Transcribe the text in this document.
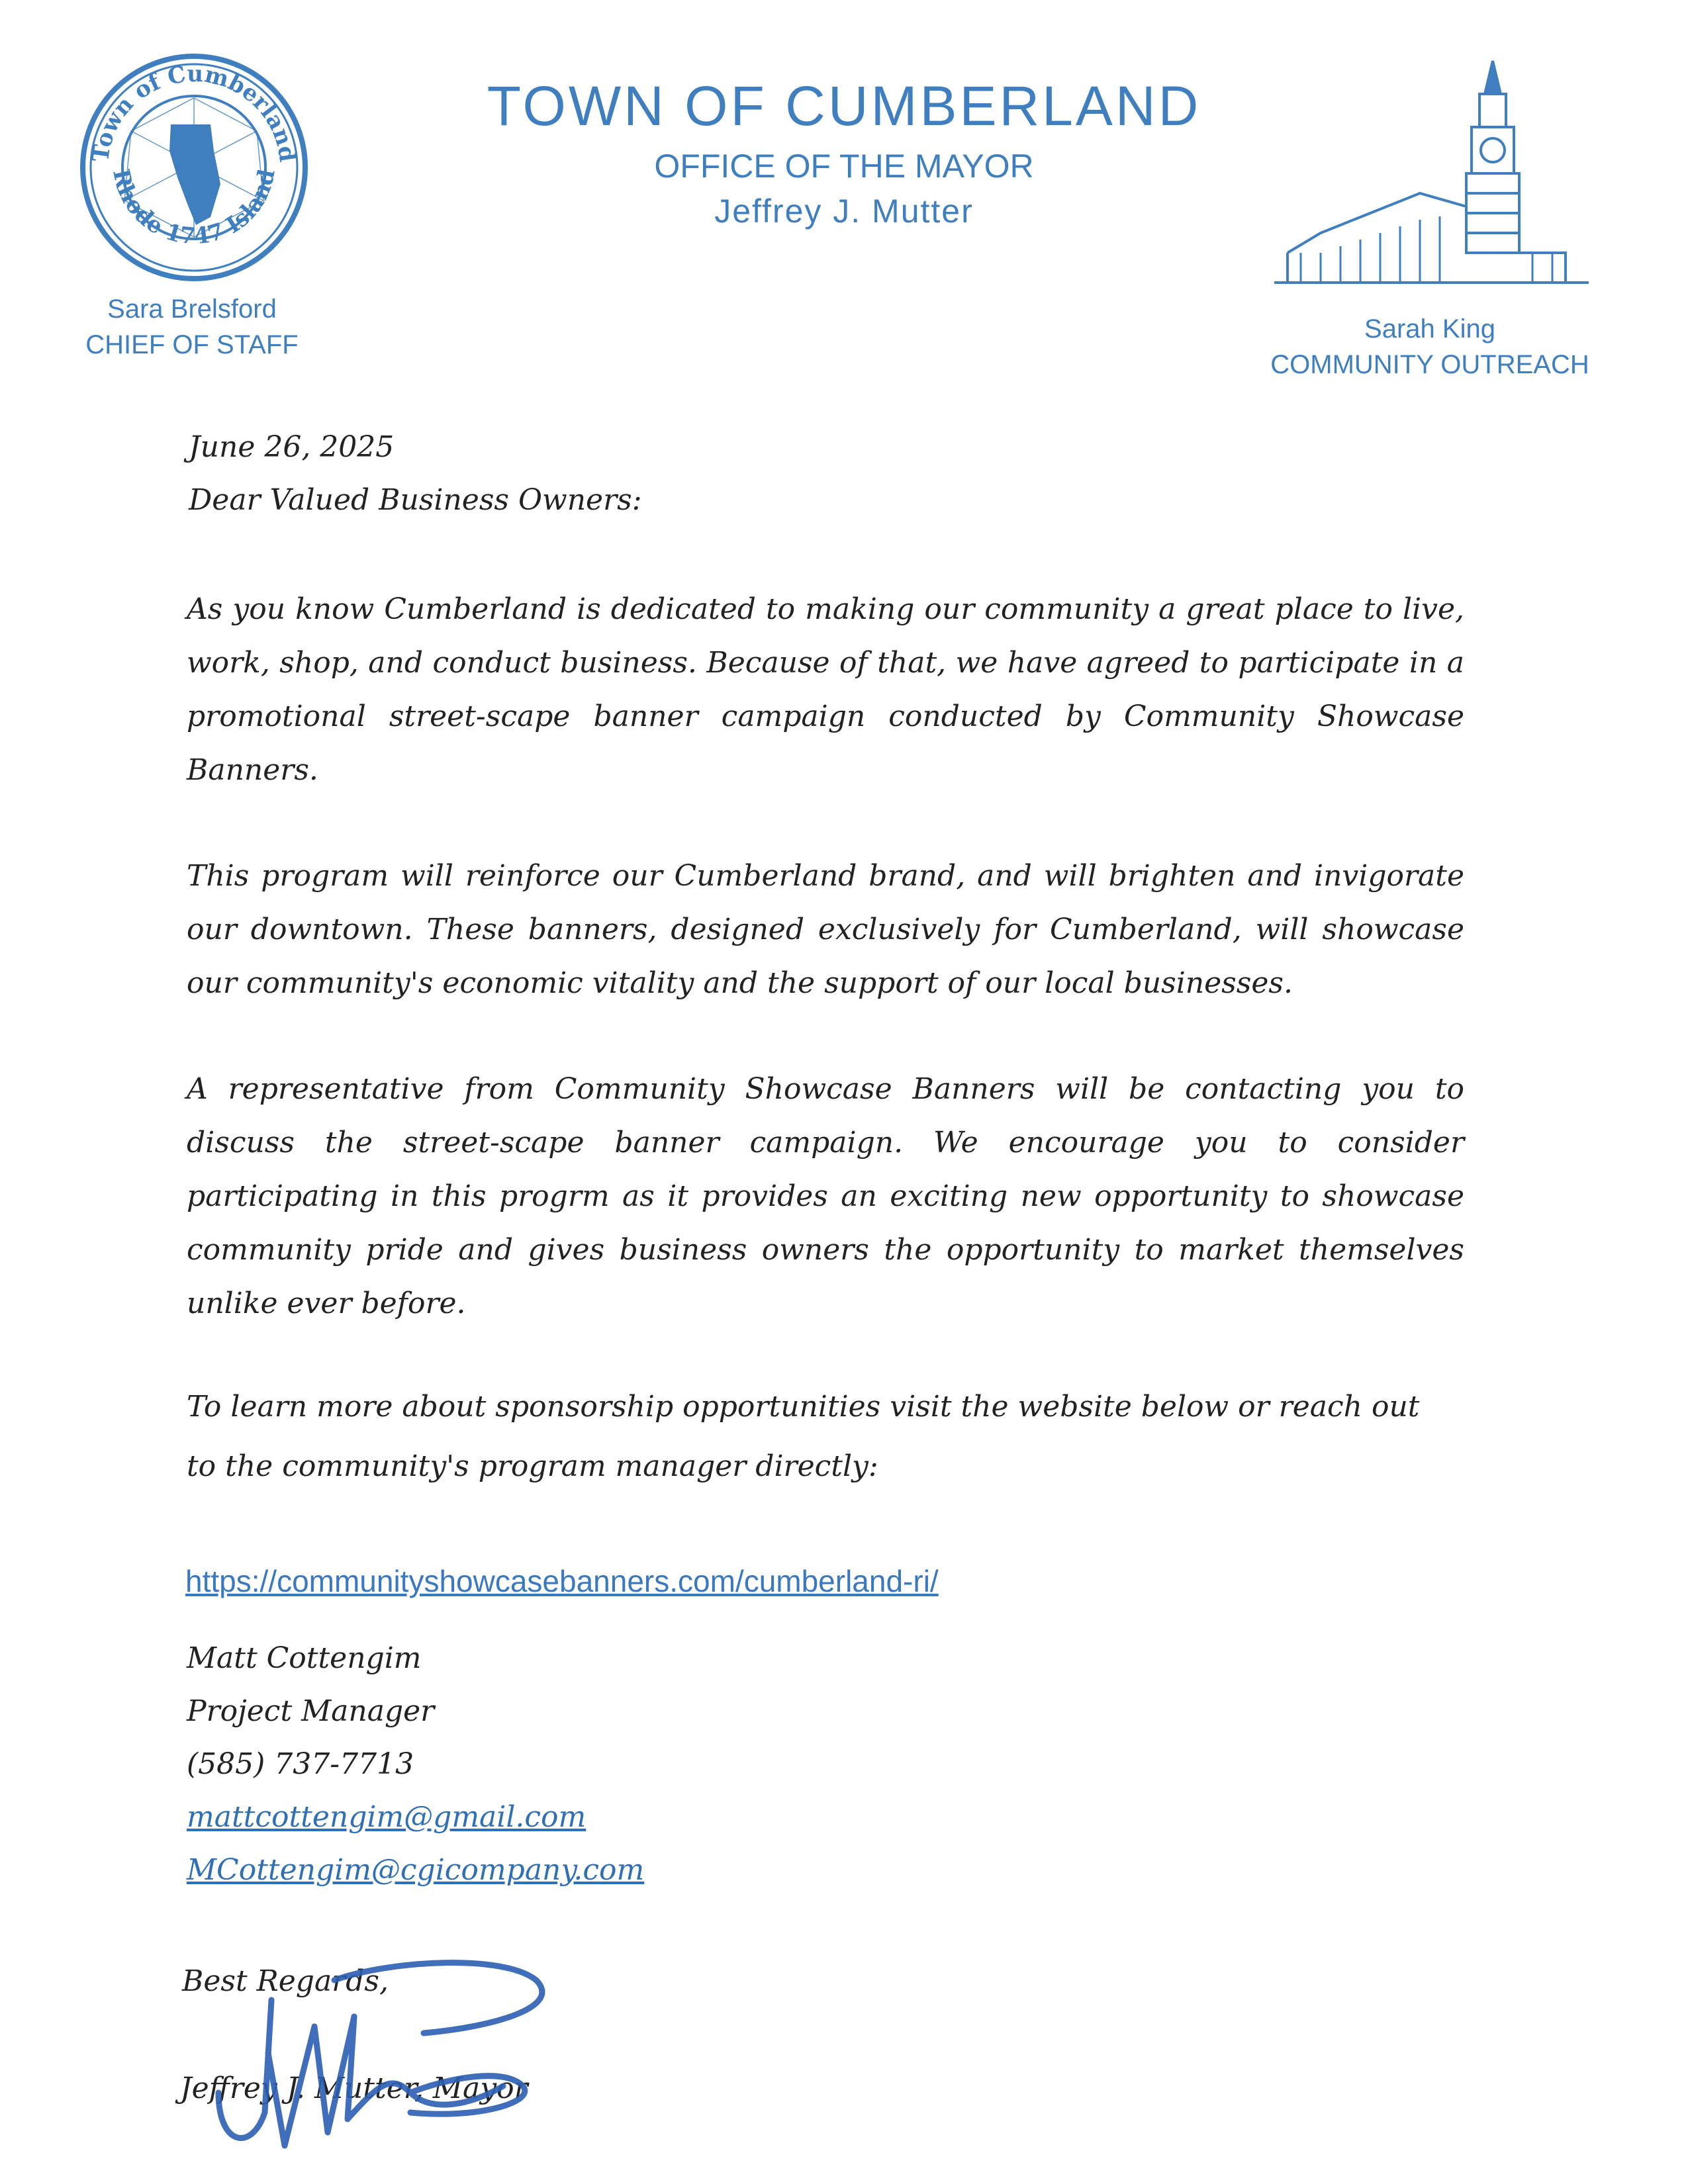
Town of Cumberland
Rhode 1747 Island
Sara Brelsford
CHIEF OF STAFF
TOWN OF CUMBERLAND
OFFICE OF THE MAYOR
Jeffrey J. Mutter
Sarah King
COMMUNITY OUTREACH
June 26, 2025
Dear Valued Business Owners:

As you know Cumberland is dedicated to making our community a great place to live, work, shop, and conduct business. Because of that, we have agreed to participate in a promotional street-scape banner campaign conducted by Community Showcase Banners.

This program will reinforce our Cumberland brand, and will brighten and invigorate our downtown. These banners, designed exclusively for Cumberland, will showcase our community's economic vitality and the support of our local businesses.

A representative from Community Showcase Banners will be contacting you to discuss the street-scape banner campaign. We encourage you to consider participating in this progrm as it provides an exciting new opportunity to showcase community pride and gives business owners the opportunity to market themselves unlike ever before.

To learn more about sponsorship opportunities visit the website below or reach out
to the community's program manager directly:
https://communityshowcasebanners.com/cumberland-ri/
Matt Cottengim
Project Manager
(585) 737-7713
mattcottengim@gmail.com
MCottengim@cgicompany.com
Best Regards,
Jeffrey J. Mutter, Mayor
